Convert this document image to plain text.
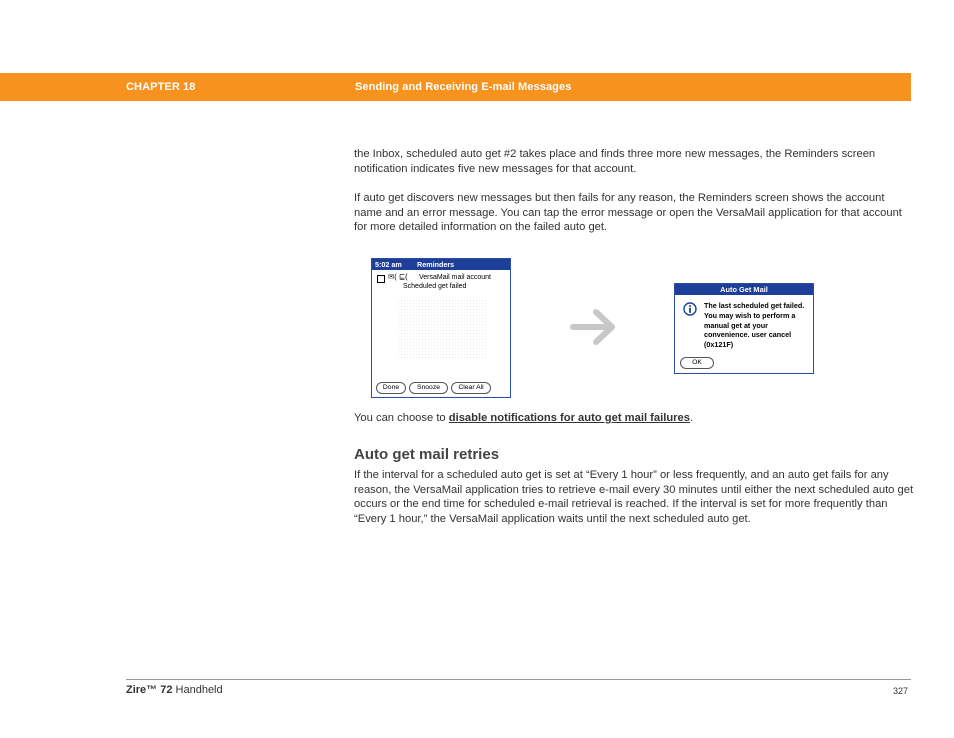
CHAPTER 18	Sending and Receiving E-mail Messages
the Inbox, scheduled auto get #2 takes place and finds three more new messages, the Reminders screen notification indicates five new messages for that account.
If auto get discovers new messages but then fails for any reason, the Reminders screen shows the account name and an error message. You can tap the error message or open the VersaMail application for that account for more detailed information on the failed auto get.
5:02 am Reminders
✉( ⊑( VersaMail mail account
Scheduled get failed
Done	Snooze	Clear All
Auto Get Mail
The last scheduled get failed. You may wish to perform a manual get at your convenience. user cancel (0x121F)
OK
You can choose to disable notifications for auto get mail failures.
Auto get mail retries
If the interval for a scheduled auto get is set at “Every 1 hour” or less frequently, and an auto get fails for any reason, the VersaMail application tries to retrieve e-mail every 30 minutes until either the next scheduled auto get occurs or the end time for scheduled e-mail retrieval is reached. If the interval is set for more frequently than “Every 1 hour,” the VersaMail application waits until the next scheduled auto get.
Zire™ 72 Handheld	327
